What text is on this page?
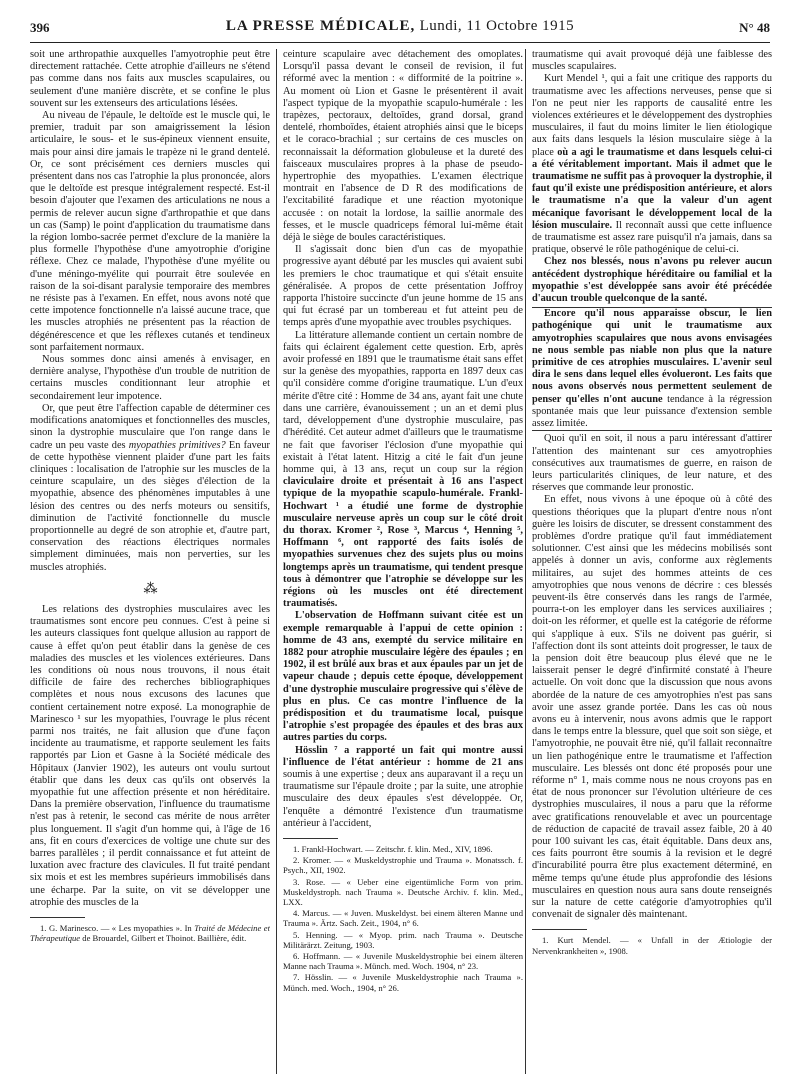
396	LA PRESSE MÉDICALE, Lundi, 11 Octobre 1915	N° 48

soit une arthropathie auxquelles l'amyotrophie peut être directement rattachée. Cette atrophie d'ailleurs ne s'étend pas comme dans nos faits aux muscles scapulaires, ou seulement d'une manière discrète, et se confine le plus souvent sur les extenseurs des articulations lésées.

Au niveau de l'épaule, le deltoïde est le muscle qui, le premier, traduit par son amaigrissement la lésion articulaire, le sous- et le sus-épineux viennent ensuite, mais pour ainsi dire jamais le trapèze ni le grand dentelé. Or, ce sont précisément ces derniers muscles qui présentent dans nos cas l'atrophie la plus prononcée, alors que le deltoïde est presque intégralement respecté. Est-il besoin d'ajouter que l'examen des articulations ne nous a permis de relever aucun signe d'arthropathie et que dans un cas (Samp) le point d'application du traumatisme dans la région lombo-sacrée permet d'exclure de la manière la plus formelle l'hypothèse d'une amyotrophie d'origine réflexe. Chez ce malade, l'hypothèse d'une myélite ou d'une méningo-myélite qui pourrait être soulevée en raison de la soi-disant paralysie temporaire des membres ne résiste pas à l'examen. En effet, nous avons noté que cette impotence fonctionnelle n'a laissé aucune trace, que les muscles atrophiés ne présentent pas la réaction de dégénérescence et que les réflexes cutanés et tendineux sont parfaitement normaux.

Nous sommes donc ainsi amenés à envisager, en dernière analyse, l'hypothèse d'un trouble de nutrition de certains muscles conditionnant leur atrophie et secondairement leur impotence.

Or, que peut être l'affection capable de déterminer ces modifications anatomiques et fonctionnelles des muscles, sinon la dystrophie musculaire que l'on range dans le cadre un peu vaste des myopathies primitives? En faveur de cette hypothèse viennent plaider d'une part les faits cliniques : localisation de l'atrophie sur les muscles de la ceinture scapulaire, un des sièges d'élection de la myopathie, absence des phénomènes imputables à une lésion des centres ou des nerfs moteurs ou sensitifs, diminution de l'activité fonctionnelle du muscle proportionnelle au degré de son atrophie et, d'autre part, conservation des réactions électriques normales simplement diminuées, mais non perverties, sur les muscles atrophiés.

⁂

Les relations des dystrophies musculaires avec les traumatismes sont encore peu connues. C'est à peine si les auteurs classiques font quelque allusion au rapport de cause à effet qu'on peut établir dans la genèse de ces maladies des muscles et les violences extérieures. Dans les conditions où nous nous trouvons, il nous était difficile de faire des recherches bibliographiques complètes et nous nous excusons des lacunes que contient certainement notre exposé. La monographie de Marinesco ¹ sur les myopathies, l'ouvrage le plus récent parmi nos traités, ne fait allusion que d'une façon incidente au traumatisme, et rapporte seulement les faits rapportés par Lion et Gasne à la Société médicale des Hôpitaux (Janvier 1902), les auteurs ont voulu surtout établir que dans les deux cas qu'ils ont observés la myopathie fut une affection présente et non héréditaire. Dans la première observation, l'influence du traumatisme n'est pas à retenir, le second cas mérite de nous arrêter plus longuement. Il s'agit d'un homme qui, à l'âge de 16 ans, fit en cours d'exercices de voltige une chute sur des barres parallèles ; il perdit connaissance et fut atteint de luxation avec fracture des clavicules. Il fut traité pendant six mois et est les membres supérieurs immobilisés dans une écharpe. Par la suite, on vit se développer une atrophie des muscles de la

1. G. Marinesco. — « Les myopathies ». In Traité de Médecine et Thérapeutique de Brouardel, Gilbert et Thoinot. Baillière, édit.

ceinture scapulaire avec détachement des omoplates. Lorsqu'il passa devant le conseil de revision, il fut réformé avec la mention : « difformité de la poitrine ». Au moment où Lion et Gasne le présentèrent il avait l'aspect typique de la myopathie scapulo-humérale : les trapèzes, pectoraux, deltoïdes, grand dorsal, grand dentelé, rhomboïdes, étaient atrophiés ainsi que le biceps et le coraco-brachial ; sur certains de ces muscles on reconnaissait la déformation globuleuse et la dureté des faisceaux musculaires propres à la phase de pseudo-hypertrophie des myopathies. L'examen électrique montrait en l'absence de D R des modifications de l'excitabilité faradique et une réaction myotonique accusée : on notait la lordose, la saillie anormale des fesses, et le muscle quadriceps fémoral lui-même était déjà le siège de boules caractéristiques.

Il s'agissait donc bien d'un cas de myopathie progressive ayant débuté par les muscles qui avaient subi les premiers le choc traumatique et qui s'était ensuite généralisée. A propos de cette présentation Joffroy rapporta l'histoire succincte d'un jeune homme de 15 ans qui fut écrasé par un tombereau et fut atteint peu de temps après d'une myopathie avec troubles psychiques.

La littérature allemande contient un certain nombre de faits qui éclairent également cette question. Erb, après avoir professé en 1891 que le traumatisme était sans effet sur la genèse des myopathies, rapporta en 1897 deux cas qu'il considère comme d'origine traumatique. L'un d'eux mérite d'être cité : Homme de 34 ans, ayant fait une chute dans une carrière, évanouissement ; un an et demi plus tard, développement d'une dystrophie musculaire, pas d'hérédité. Cet auteur admet d'ailleurs que le traumatisme ne fait que favoriser l'éclosion d'une myopathie qui existait à l'état latent. Hitzig a cité le fait d'un jeune homme qui, à 13 ans, reçut un coup sur la région claviculaire droite et présentait à 16 ans l'aspect typique de la myopathie scapulo-humérale. Frankl-Hochwart ¹ a étudié une forme de dystrophie musculaire nerveuse après un coup sur le côté droit du thorax. Kromer ², Rose ³, Marcus ⁴, Henning ⁵, Hoffmann ⁶, ont rapporté des faits isolés de myopathies survenues chez des sujets plus ou moins longtemps après un traumatisme, qui tendent presque tous à démontrer que l'atrophie se développe sur les régions où les muscles ont été directement traumatisés.

L'observation de Hoffmann suivant citée est un exemple remarquable à l'appui de cette opinion : homme de 43 ans, exempté du service militaire en 1882 pour atrophie musculaire légère des épaules ; en 1902, il est brûlé aux bras et aux épaules par un jet de vapeur chaude ; depuis cette époque, développement d'une dystrophie musculaire progressive qui s'élève de plus en plus. Ce cas montre l'influence de la prédisposition et du traumatisme local, puisque l'atrophie s'est propagée des épaules et des bras aux autres parties du corps.

Hösslin ⁷ a rapporté un fait qui montre aussi l'influence de l'état antérieur : homme de 21 ans soumis à une expertise ; deux ans auparavant il a reçu un traumatisme sur l'épaule droite ; par la suite, une atrophie musculaire des deux épaules s'est développée. Or, l'enquête a démontré l'existence d'un traumatisme antérieur à l'accident,

1. Frankl-Hochwart. — Zeitschr. f. klin. Med., XIV, 1896.

2. Kromer. — « Muskeldystrophie und Trauma ». Monatssch. f. Psych., XII, 1902.

3. Rose. — « Ueber eine eigentümliche Form von prim. Muskeldystroph. nach Trauma ». Deutsche Archiv. f. klin. Med., LXX.

4. Marcus. — « Juven. Muskeldyst. bei einem älteren Manne und Trauma ». Ärtz. Sach. Zeit., 1904, n° 6.

5. Henning. — « Myop. prim. nach Trauma ». Deutsche Militärärzt. Zeitung, 1903.

6. Hoffmann. — « Juvenile Muskeldystrophie bei einem älteren Manne nach Trauma ». Münch. med. Woch. 1904, n° 23.

7. Hösslin. — « Juvenile Muskeldystrophie nach Trauma ». Münch. med. Woch., 1904, n° 26.

traumatisme qui avait provoqué déjà une faiblesse des muscles scapulaires.

Kurt Mendel ¹, qui a fait une critique des rapports du traumatisme avec les affections nerveuses, pense que si l'on ne peut nier les rapports de causalité entre les violences extérieures et le développement des dystrophies musculaires, il faut du moins limiter le lien étiologique aux faits dans lesquels la lésion musculaire siège à la place où a agi le traumatisme et dans lesquels celui-ci a été véritablement important. Mais il admet que le traumatisme ne suffit pas à provoquer la dystrophie, il faut qu'il existe une prédisposition antérieure, et alors le traumatisme n'a que la valeur d'un agent mécanique favorisant le développement local de la lésion musculaire. Il reconnaît aussi que cette influence de traumatisme est assez rare puisqu'il n'a jamais, dans sa pratique, observé le rôle pathogénique de celui-ci.

Chez nos blessés, nous n'avons pu relever aucun antécédent dystrophique héréditaire ou familial et la myopathie s'est développée sans avoir été précédée d'aucun trouble quelconque de la santé.

Encore qu'il nous apparaisse obscur, le lien pathogénique qui unit le traumatisme aux amyotrophies scapulaires que nous avons envisagées ne nous semble pas niable non plus que la nature primitive de ces atrophies musculaires. L'avenir seul dira le sens dans lequel elles évolueront. Les faits que nous avons observés nous permettent seulement de penser qu'elles n'ont aucune tendance à la régression spontanée mais que leur puissance d'extension semble assez limitée.

Quoi qu'il en soit, il nous a paru intéressant d'attirer l'attention des maintenant sur ces amyotrophies consécutives aux traumatismes de guerre, en raison de leurs particularités cliniques, de leur nature, et des réserves que commande leur pronostic.

En effet, nous vivons à une époque où à côté des questions théoriques que la plupart d'entre nous n'ont guère les loisirs de discuter, se dressent constamment des problèmes d'ordre pratique qu'il faut immédiatement solutionner. C'est ainsi que les médecins mobilisés sont appelés à donner un avis, conforme aux règlements militaires, au sujet des hommes atteints de ces amyotrophies que nous venons de décrire : ces blessés peuvent-ils être conservés dans les rangs de l'armée, pourra-t-on les employer dans les services auxiliaires ; doit-on les réformer, et quelle est la catégorie de réforme qui s'applique à eux. S'ils ne doivent pas guérir, si l'affection dont ils sont atteints doit progresser, le taux de la pension doit être beaucoup plus élevé que ne le laisserait penser le degré d'infirmité constaté à l'heure actuelle. On voit donc que la discussion que nous avons abordée de la nature de ces amyotrophies n'est pas sans avoir une assez grande portée. Dans les cas où nous avons eu à intervenir, nous avons admis que le rapport dans le temps entre la blessure, quel que soit son siège, et l'amyotrophie, ne pouvait être nié, qu'il fallait reconnaître un lien pathogénique entre le traumatisme et l'affection musculaire. Les blessés ont donc été proposés pour une réforme n° 1, mais comme nous ne nous croyons pas en état de nous prononcer sur l'évolution ultérieure de ces dystrophies musculaires, il nous a paru que la réforme avec gratifications renouvelable et avec un pourcentage de réduction de capacité de travail assez faible, 20 à 40 pour 100 suivant les cas, était équitable. Dans deux ans, ces faits pourront être soumis à la revision et le degré d'incurabilité pourra être plus exactement déterminé, en même temps qu'une étude plus approfondie des lésions musculaires en question nous aura sans doute renseignés sur la nature de cette catégorie d'amyotrophies qu'il convenait de signaler dès maintenant.

1. Kurt Mendel. — « Unfall in der Ætiologie der Nervenkrankheiten », 1908.
